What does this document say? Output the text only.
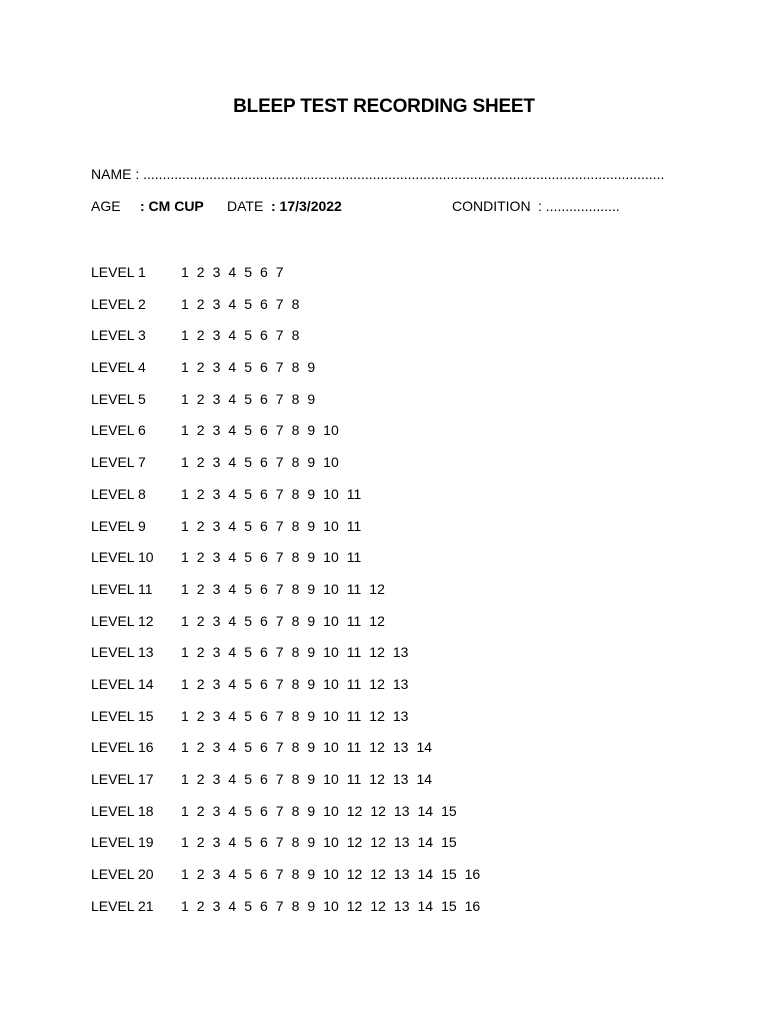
BLEEP TEST RECORDING SHEET
NAME : ......................................................................................................................................
AGE : CM CUP DATE : 17/3/2022	CONDITION : ...................
LEVEL 1	1 2 3 4 5 6 7
LEVEL 2	1 2 3 4 5 6 7 8
LEVEL 3	1 2 3 4 5 6 7 8
LEVEL 4	1 2 3 4 5 6 7 8 9
LEVEL 5	1 2 3 4 5 6 7 8 9
LEVEL 6	1 2 3 4 5 6 7 8 9 10
LEVEL 7	1 2 3 4 5 6 7 8 9 10
LEVEL 8	1 2 3 4 5 6 7 8 9 10 11
LEVEL 9	1 2 3 4 5 6 7 8 9 10 11
LEVEL 10 1 2 3 4 5 6 7 8 9 10 11
LEVEL 11 1 2 3 4 5 6 7 8 9 10 11 12
LEVEL 12 1 2 3 4 5 6 7 8 9 10 11 12
LEVEL 13 1 2 3 4 5 6 7 8 9 10 11 12 13
LEVEL 14 1 2 3 4 5 6 7 8 9 10 11 12 13
LEVEL 15 1 2 3 4 5 6 7 8 9 10 11 12 13
LEVEL 16 1 2 3 4 5 6 7 8 9 10 11 12 13 14
LEVEL 17 1 2 3 4 5 6 7 8 9 10 11 12 13 14
LEVEL 18 1 2 3 4 5 6 7 8 9 10 12 12 13 14 15
LEVEL 19 1 2 3 4 5 6 7 8 9 10 12 12 13 14 15
LEVEL 20 1 2 3 4 5 6 7 8 9 10 12 12 13 14 15 16
LEVEL 21 1 2 3 4 5 6 7 8 9 10 12 12 13 14 15 16
